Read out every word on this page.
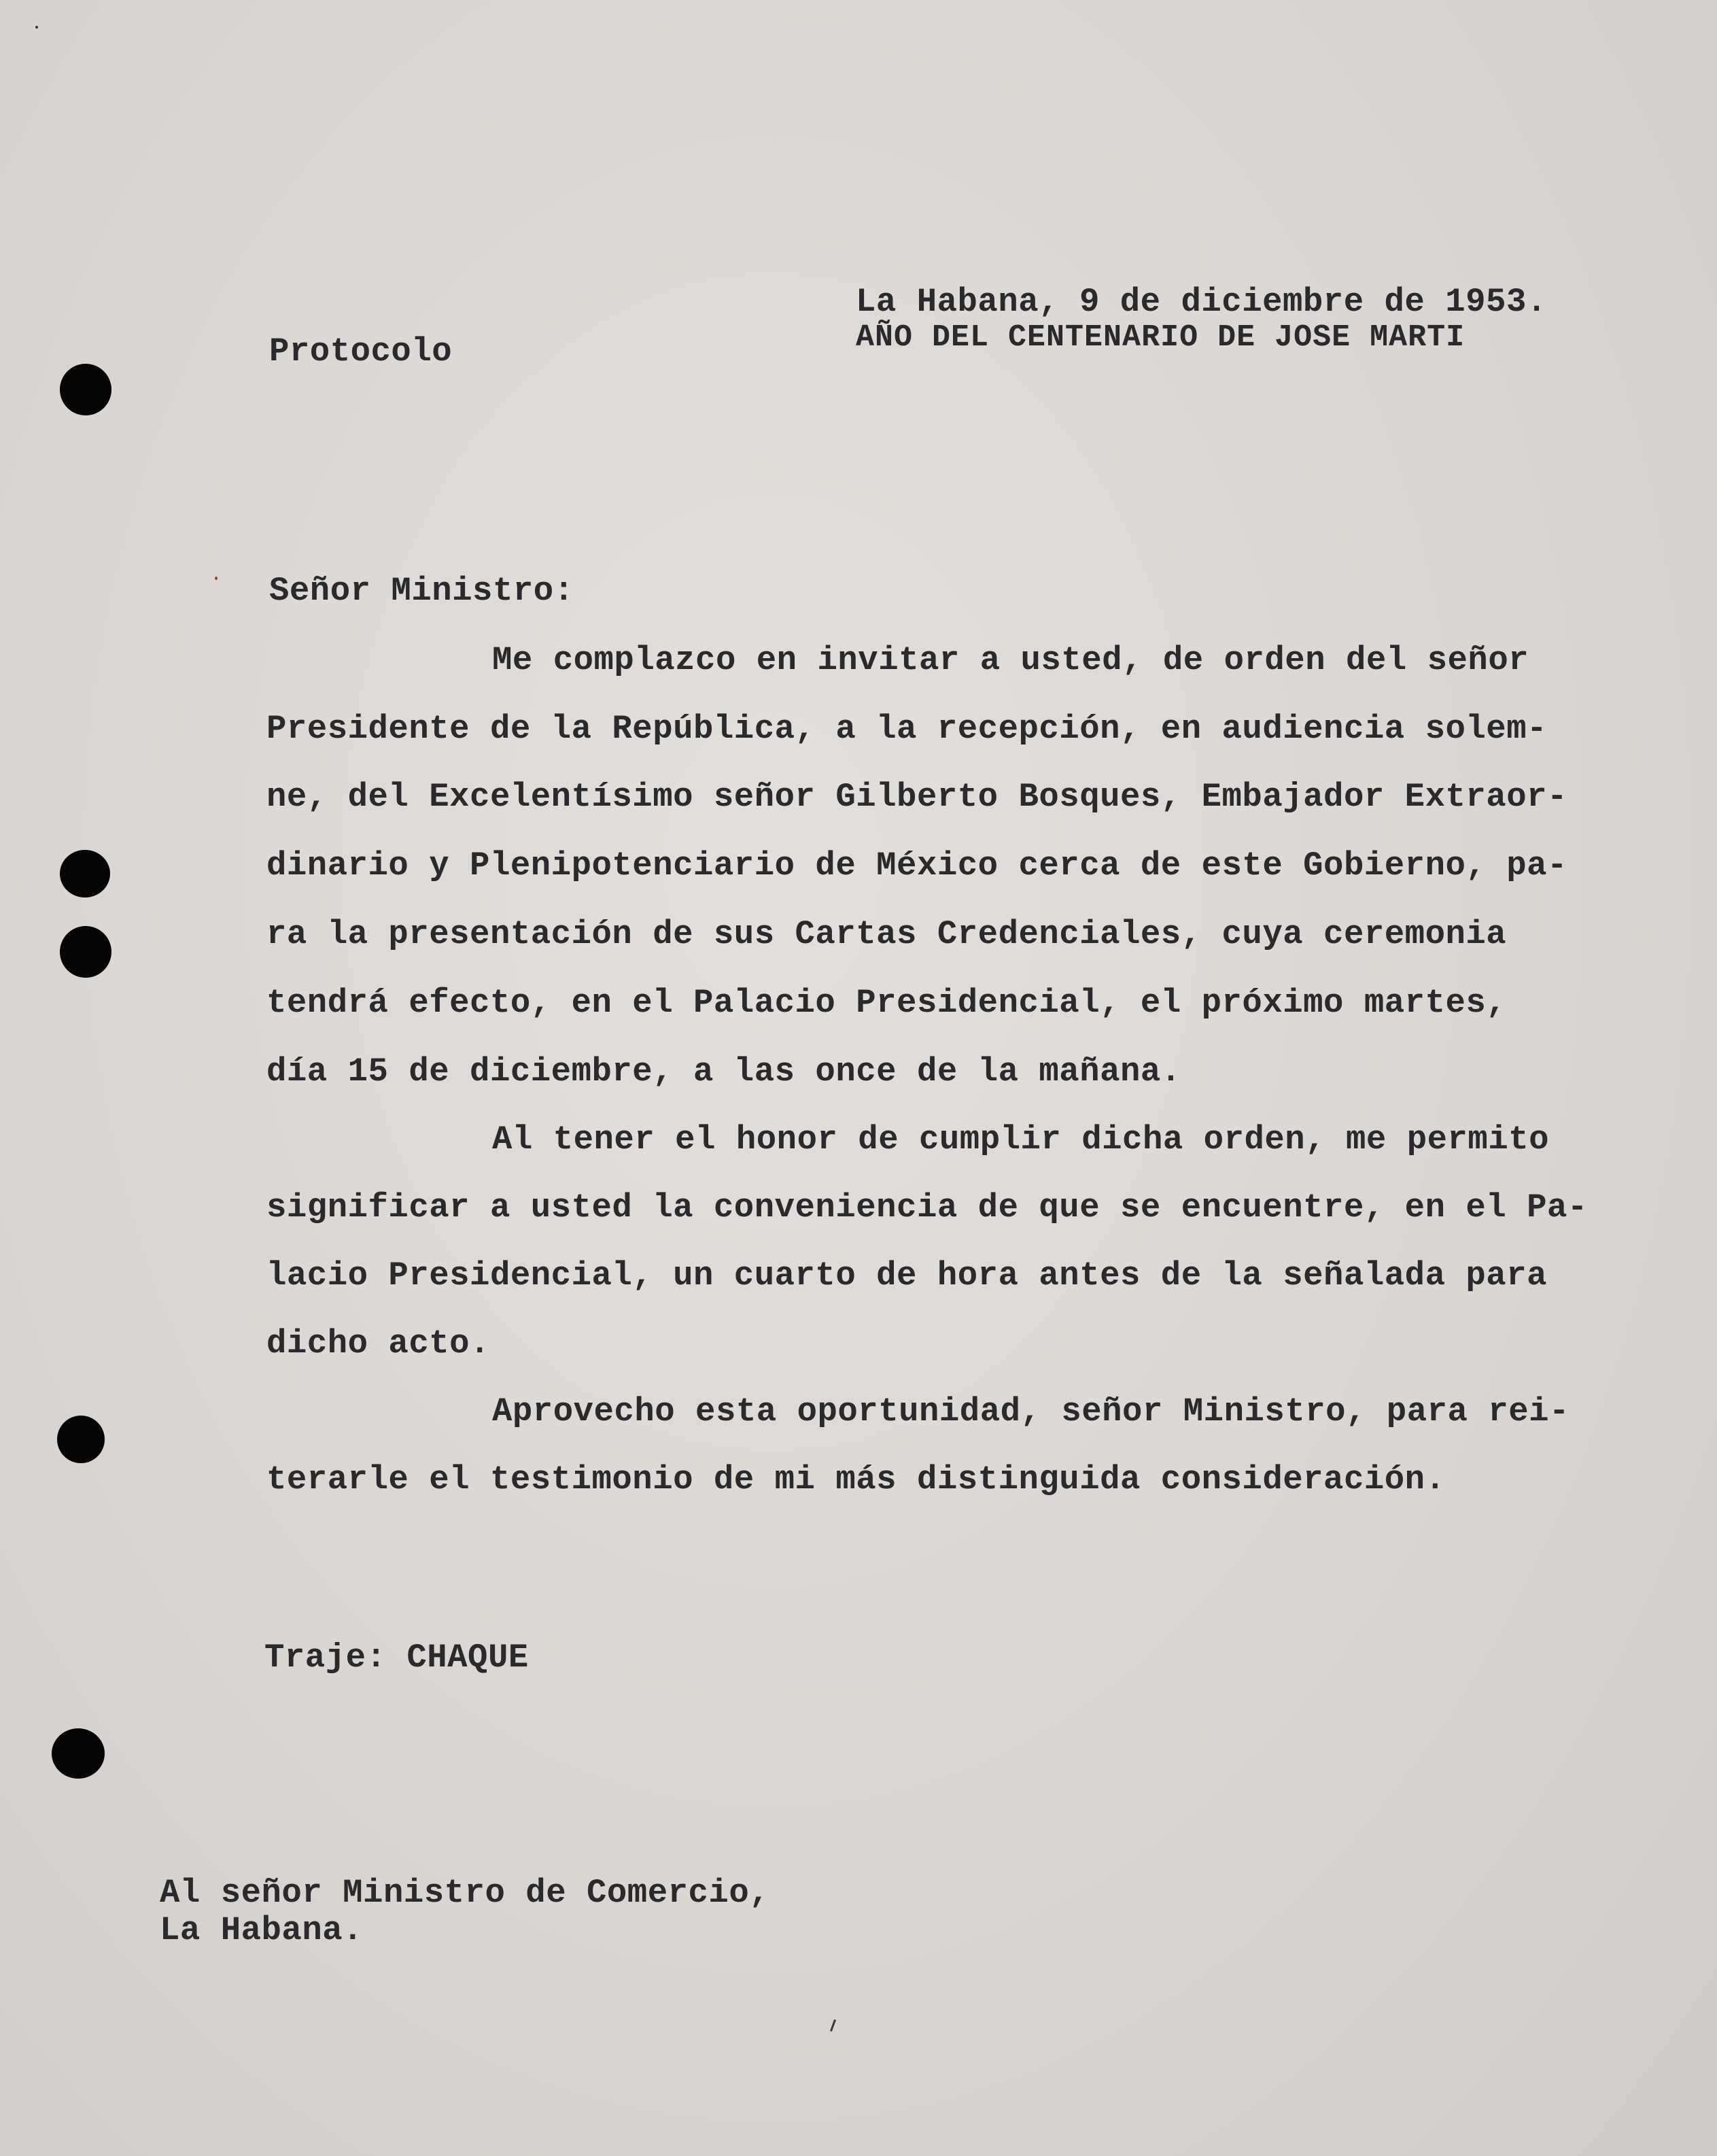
La Habana, 9 de diciembre de 1953.

AÑO DEL CENTENARIO DE JOSE MARTI

Protocolo

Señor Ministro:

Me complazco en invitar a usted, de orden del señor

Presidente de la República, a la recepción, en audiencia solem-

ne, del Excelentísimo señor Gilberto Bosques, Embajador Extraor-

dinario y Plenipotenciario de México cerca de este Gobierno, pa-

ra la presentación de sus Cartas Credenciales, cuya ceremonia

tendrá efecto, en el Palacio Presidencial, el próximo martes,

día 15 de diciembre, a las once de la mañana.

Al tener el honor de cumplir dicha orden, me permito

significar a usted la conveniencia de que se encuentre, en el Pa-

lacio Presidencial, un cuarto de hora antes de la señalada para

dicho acto.

Aprovecho esta oportunidad, señor Ministro, para rei-

terarle el testimonio de mi más distinguida consideración.

Traje: CHAQUE

Al señor Ministro de Comercio,

La Habana.
